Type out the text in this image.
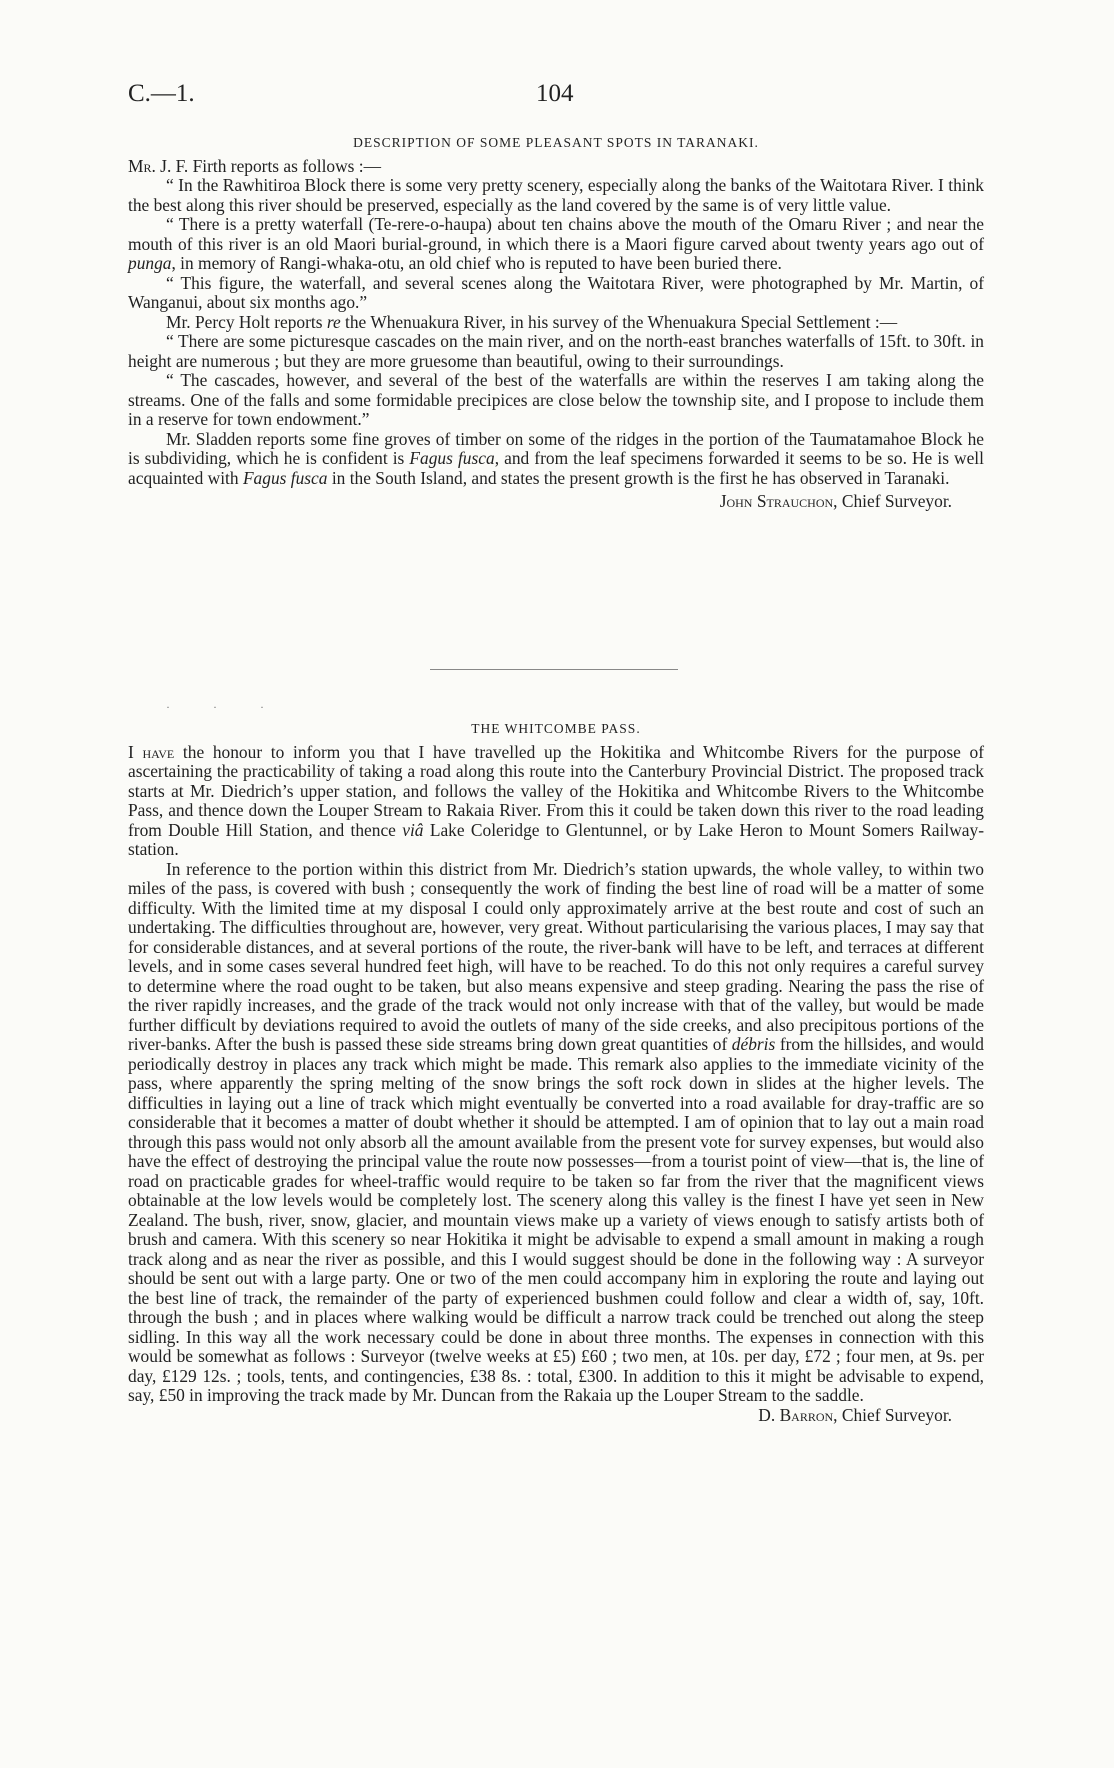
C.—1.	104
DESCRIPTION OF SOME PLEASANT SPOTS IN TARANAKI.

Mr. J. F. Firth reports as follows :—

“ In the Rawhitiroa Block there is some very pretty scenery, especially along the banks of the Waitotara River. I think the best along this river should be preserved, especially as the land covered by the same is of very little value.

“ There is a pretty waterfall (Te-rere-o-haupa) about ten chains above the mouth of the Omaru River ; and near the mouth of this river is an old Maori burial-ground, in which there is a Maori figure carved about twenty years ago out of punga, in memory of Rangi-whaka-otu, an old chief who is reputed to have been buried there.

“ This figure, the waterfall, and several scenes along the Waitotara River, were photographed by Mr. Martin, of Wanganui, about six months ago.”

Mr. Percy Holt reports re the Whenuakura River, in his survey of the Whenuakura Special Settlement :—

“ There are some picturesque cascades on the main river, and on the north-east branches waterfalls of 15ft. to 30ft. in height are numerous ; but they are more gruesome than beautiful, owing to their surroundings.

“ The cascades, however, and several of the best of the waterfalls are within the reserves I am taking along the streams. One of the falls and some formidable precipices are close below the township site, and I propose to include them in a reserve for town endowment.”

Mr. Sladden reports some fine groves of timber on some of the ridges in the portion of the Taumatamahoe Block he is subdividing, which he is confident is Fagus fusca, and from the leaf specimens forwarded it seems to be so. He is well acquainted with Fagus fusca in the South Island, and states the present growth is the first he has observed in Taranaki.

John Strauchon, Chief Surveyor.
· · ·
THE WHITCOMBE PASS.

I have the honour to inform you that I have travelled up the Hokitika and Whitcombe Rivers for the purpose of ascertaining the practicability of taking a road along this route into the Canterbury Provincial District. The proposed track starts at Mr. Diedrich’s upper station, and follows the valley of the Hokitika and Whitcombe Rivers to the Whitcombe Pass, and thence down the Louper Stream to Rakaia River. From this it could be taken down this river to the road leading from Double Hill Station, and thence viâ Lake Coleridge to Glentunnel, or by Lake Heron to Mount Somers Railway-station.

In reference to the portion within this district from Mr. Diedrich’s station upwards, the whole valley, to within two miles of the pass, is covered with bush ; consequently the work of finding the best line of road will be a matter of some difficulty. With the limited time at my disposal I could only approximately arrive at the best route and cost of such an undertaking. The difficulties throughout are, however, very great. Without particularising the various places, I may say that for considerable distances, and at several portions of the route, the river-bank will have to be left, and terraces at different levels, and in some cases several hundred feet high, will have to be reached. To do this not only requires a careful survey to determine where the road ought to be taken, but also means expensive and steep grading. Nearing the pass the rise of the river rapidly increases, and the grade of the track would not only increase with that of the valley, but would be made further difficult by deviations required to avoid the outlets of many of the side creeks, and also precipitous portions of the river-banks. After the bush is passed these side streams bring down great quantities of débris from the hillsides, and would periodically destroy in places any track which might be made. This remark also applies to the immediate vicinity of the pass, where apparently the spring melting of the snow brings the soft rock down in slides at the higher levels. The difficulties in laying out a line of track which might eventually be converted into a road available for dray-traffic are so considerable that it becomes a matter of doubt whether it should be attempted. I am of opinion that to lay out a main road through this pass would not only absorb all the amount available from the present vote for survey expenses, but would also have the effect of destroying the principal value the route now possesses—from a tourist point of view—that is, the line of road on practicable grades for wheel-traffic would require to be taken so far from the river that the magnificent views obtainable at the low levels would be completely lost. The scenery along this valley is the finest I have yet seen in New Zealand. The bush, river, snow, glacier, and mountain views make up a variety of views enough to satisfy artists both of brush and camera. With this scenery so near Hokitika it might be advisable to expend a small amount in making a rough track along and as near the river as possible, and this I would suggest should be done in the following way : A surveyor should be sent out with a large party. One or two of the men could accompany him in exploring the route and laying out the best line of track, the remainder of the party of experienced bushmen could follow and clear a width of, say, 10ft. through the bush ; and in places where walking would be difficult a narrow track could be trenched out along the steep sidling. In this way all the work necessary could be done in about three months. The expenses in connection with this would be somewhat as follows : Surveyor (twelve weeks at £5) £60 ; two men, at 10s. per day, £72 ; four men, at 9s. per day, £129 12s. ; tools, tents, and contingencies, £38 8s. : total, £300. In addition to this it might be advisable to expend, say, £50 in improving the track made by Mr. Duncan from the Rakaia up the Louper Stream to the saddle.

D. Barron, Chief Surveyor.
